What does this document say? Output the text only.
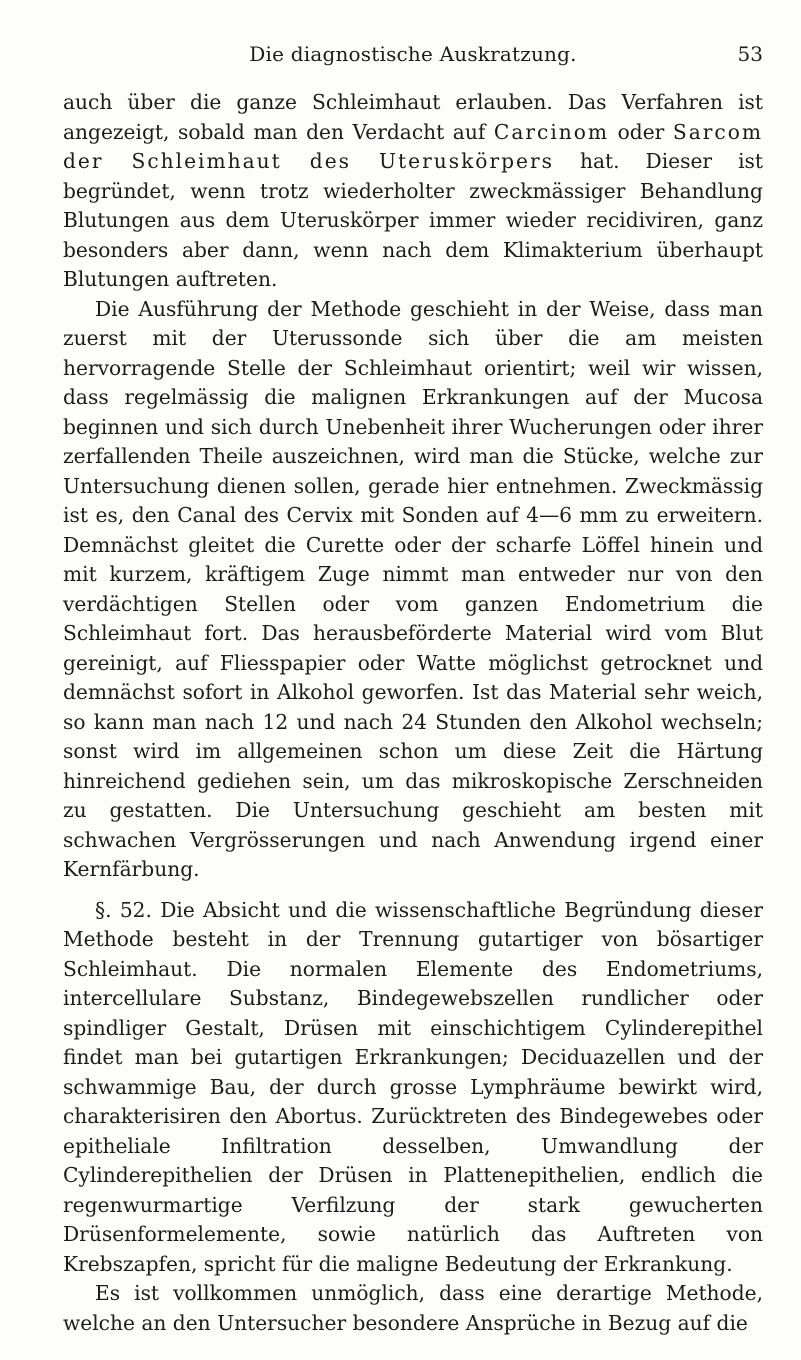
Die diagnostische Auskratzung.	53

auch über die ganze Schleimhaut erlauben. Das Verfahren ist angezeigt, sobald man den Verdacht auf Carcinom oder Sarcom der Schleimhaut des Uteruskörpers hat. Dieser ist begründet, wenn trotz wiederholter zweckmässiger Behandlung Blutungen aus dem Uteruskörper immer wieder recidiviren, ganz besonders aber dann, wenn nach dem Klimakterium überhaupt Blutungen auftreten.

Die Ausführung der Methode geschieht in der Weise, dass man zuerst mit der Uterussonde sich über die am meisten hervorragende Stelle der Schleimhaut orientirt; weil wir wissen, dass regelmässig die malignen Erkrankungen auf der Mucosa beginnen und sich durch Unebenheit ihrer Wucherungen oder ihrer zerfallenden Theile auszeichnen, wird man die Stücke, welche zur Untersuchung dienen sollen, gerade hier entnehmen. Zweckmässig ist es, den Canal des Cervix mit Sonden auf 4—6 mm zu erweitern. Demnächst gleitet die Curette oder der scharfe Löffel hinein und mit kurzem, kräftigem Zuge nimmt man entweder nur von den verdächtigen Stellen oder vom ganzen Endometrium die Schleimhaut fort. Das herausbeförderte Material wird vom Blut gereinigt, auf Fliesspapier oder Watte möglichst getrocknet und demnächst sofort in Alkohol geworfen. Ist das Material sehr weich, so kann man nach 12 und nach 24 Stunden den Alkohol wechseln; sonst wird im allgemeinen schon um diese Zeit die Härtung hinreichend gediehen sein, um das mikroskopische Zerschneiden zu gestatten. Die Untersuchung geschieht am besten mit schwachen Vergrösserungen und nach Anwendung irgend einer Kernfärbung.

§. 52. Die Absicht und die wissenschaftliche Begründung dieser Methode besteht in der Trennung gutartiger von bösartiger Schleimhaut. Die normalen Elemente des Endometriums, intercellulare Substanz, Bindegewebszellen rundlicher oder spindliger Gestalt, Drüsen mit einschichtigem Cylinderepithel findet man bei gutartigen Erkrankungen; Deciduazellen und der schwammige Bau, der durch grosse Lymphräume bewirkt wird, charakterisiren den Abortus. Zurücktreten des Bindegewebes oder epitheliale Infiltration desselben, Umwandlung der Cylinderepithelien der Drüsen in Plattenepithelien, endlich die regenwurmartige Verfilzung der stark gewucherten Drüsenformelemente, sowie natürlich das Auftreten von Krebszapfen, spricht für die maligne Bedeutung der Erkrankung.

Es ist vollkommen unmöglich, dass eine derartige Methode, welche an den Untersucher besondere Ansprüche in Bezug auf die
